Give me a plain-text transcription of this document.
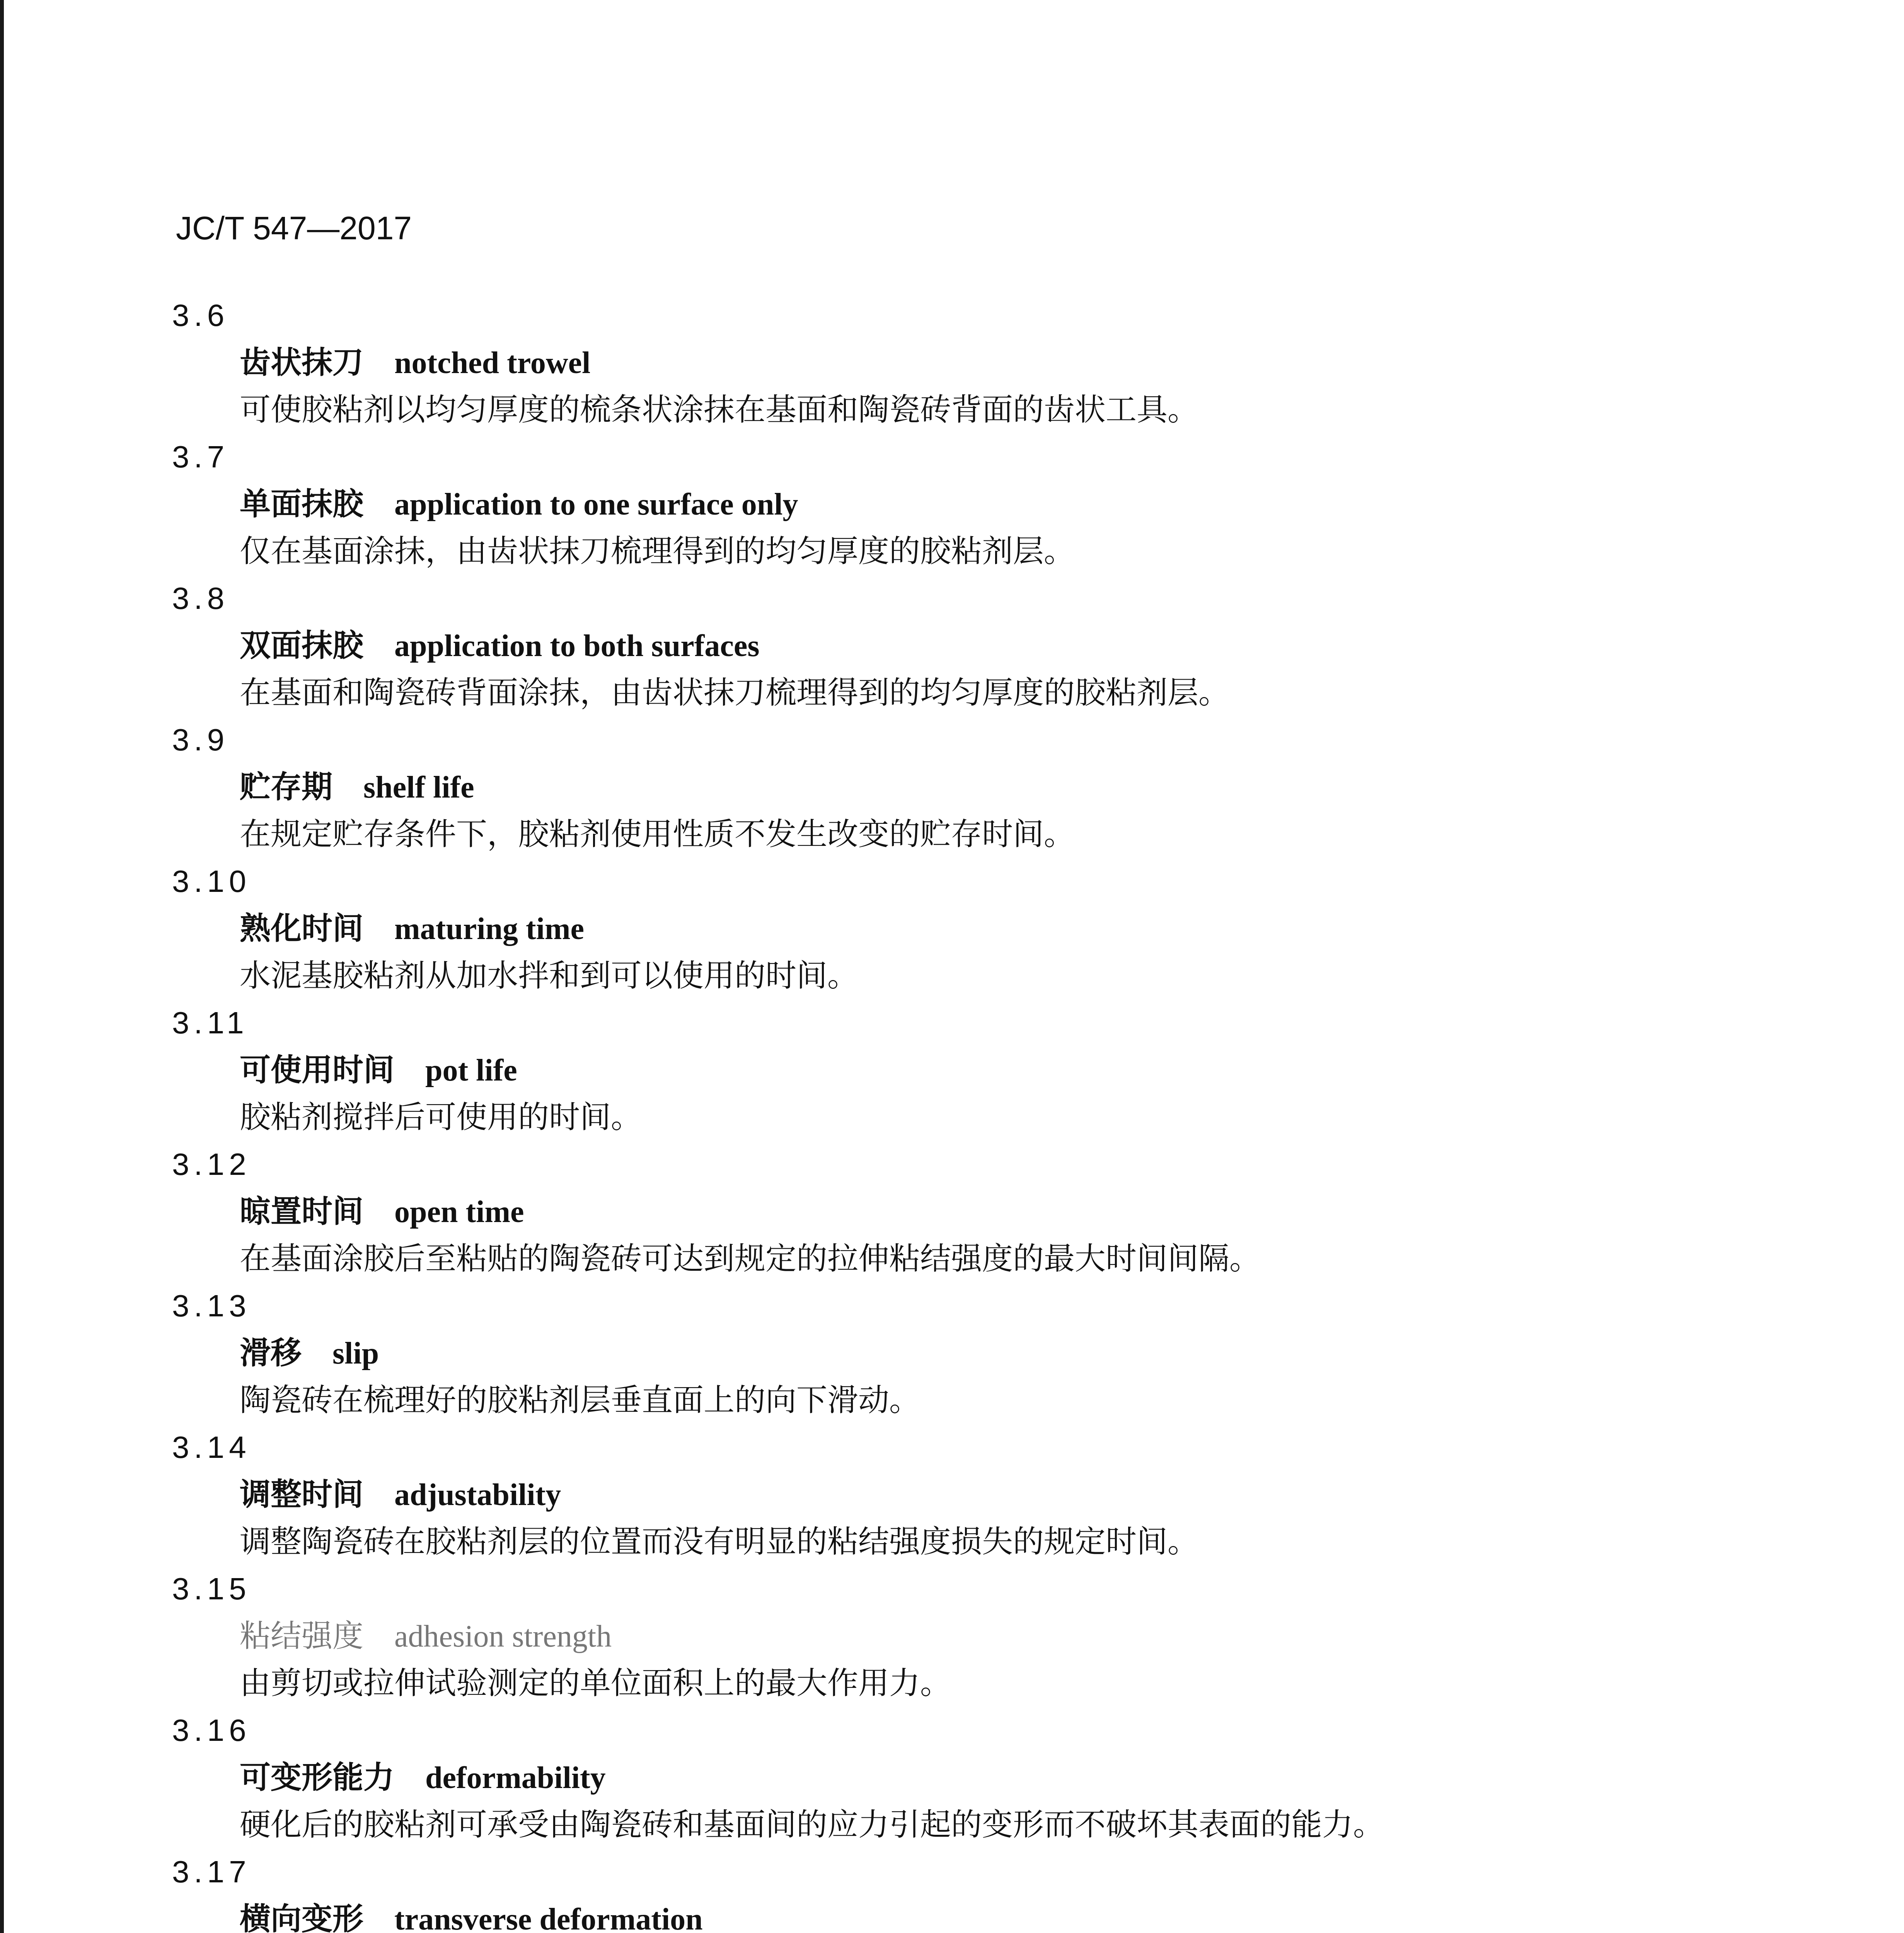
JC/T 547—2017
3.6
齿状抹刀 notched trowel
可使胶粘剂以均匀厚度的梳条状涂抹在基面和陶瓷砖背面的齿状工具。
3.7
单面抹胶 application to one surface only
仅在基面涂抹，由齿状抹刀梳理得到的均匀厚度的胶粘剂层。
3.8
双面抹胶 application to both surfaces
在基面和陶瓷砖背面涂抹，由齿状抹刀梳理得到的均匀厚度的胶粘剂层。
3.9
贮存期 shelf life
在规定贮存条件下，胶粘剂使用性质不发生改变的贮存时间。
3.10
熟化时间 maturing time
水泥基胶粘剂从加水拌和到可以使用的时间。
3.11
可使用时间 pot life
胶粘剂搅拌后可使用的时间。
3.12
晾置时间 open time
在基面涂胶后至粘贴的陶瓷砖可达到规定的拉伸粘结强度的最大时间间隔。
3.13
滑移 slip
陶瓷砖在梳理好的胶粘剂层垂直面上的向下滑动。
3.14
调整时间 adjustability
调整陶瓷砖在胶粘剂层的位置而没有明显的粘结强度损失的规定时间。
3.15
粘结强度 adhesion strength
由剪切或拉伸试验测定的单位面积上的最大作用力。
3.16
可变形能力 deformability
硬化后的胶粘剂可承受由陶瓷砖和基面间的应力引起的变形而不破坏其表面的能力。
3.17
横向变形 transverse deformation
